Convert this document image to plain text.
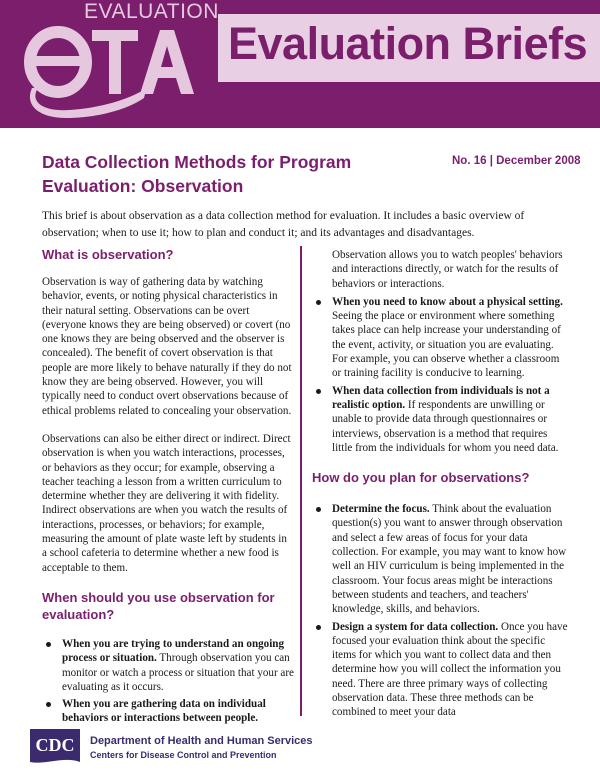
EVALUATION
Evaluation Briefs
Data Collection Methods for Program
Evaluation: Observation
No. 16 | December 2008
This brief is about observation as a data collection method for evaluation. It includes a basic overview of observation; when to use it; how to plan and conduct it; and its advantages and disadvantages.
What is observation?
Observation is way of gathering data by watching behavior, events, or noting physical characteristics in their natural setting. Observations can be overt (everyone knows they are being observed) or covert (no one knows they are being observed and the observer is concealed). The benefit of covert observation is that people are more likely to behave naturally if they do not know they are being observed. However, you will typically need to conduct overt observations because of ethical problems related to concealing your observation.
Observations can also be either direct or indirect. Direct observation is when you watch interactions, processes, or behaviors as they occur; for example, observing a teacher teaching a lesson from a written curriculum to determine whether they are delivering it with fidelity. Indirect observations are when you watch the results of interactions, processes, or behaviors; for example, measuring the amount of plate waste left by students in a school cafeteria to determine whether a new food is acceptable to them.
When should you use observation for evaluation?
When you are trying to understand an ongoing process or situation. Through observation you can monitor or watch a process or situation that your are evaluating as it occurs.
When you are gathering data on individual behaviors or interactions between people.
Observation allows you to watch peoples' behaviors and interactions directly, or watch for the results of behaviors or interactions.
When you need to know about a physical setting. Seeing the place or environment where something takes place can help increase your understanding of the event, activity, or situation you are evaluating. For example, you can observe whether a classroom or training facility is conducive to learning.
When data collection from individuals is not a realistic option. If respondents are unwilling or unable to provide data through questionnaires or interviews, observation is a method that requires little from the individuals for whom you need data.
How do you plan for observations?
Determine the focus. Think about the evaluation question(s) you want to answer through observation and select a few areas of focus for your data collection. For example, you may want to know how well an HIV curriculum is being implemented in the classroom. Your focus areas might be interactions between students and teachers, and teachers' knowledge, skills, and behaviors.
Design a system for data collection. Once you have focused your evaluation think about the specific items for which you want to collect data and then determine how you will collect the information you need. There are three primary ways of collecting observation data. These three methods can be combined to meet your data
CDC Department of Health and Human Services
Centers for Disease Control and Prevention
